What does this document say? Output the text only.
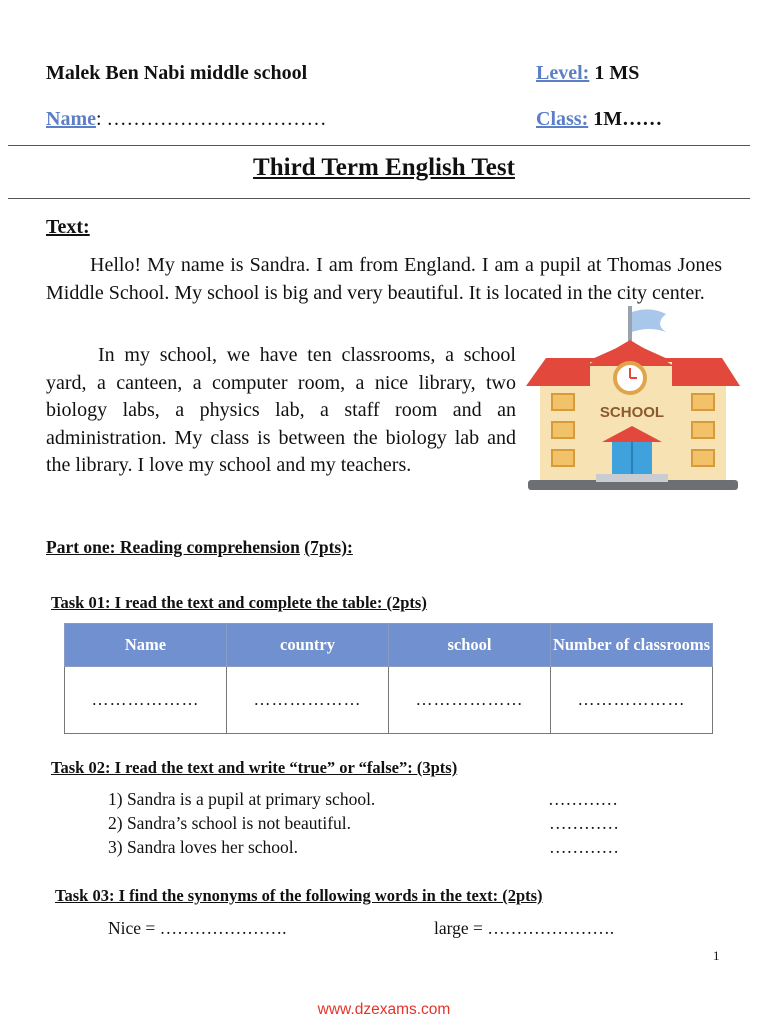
Malek Ben Nabi middle school	Level: 1 MS
Name: ……………………………	Class: 1M……
Third Term English Test
Text:

Hello! My name is Sandra. I am from England. I am a pupil at Thomas Jones Middle School. My school is big and very beautiful. It is located in the city center.

In my school, we have ten classrooms, a school yard, a canteen, a computer room, a nice library, two biology labs, a physics lab, a staff room and an administration. My class is between the biology lab and the library. I love my school and my teachers.

SCHOOL
Part one: Reading comprehension (7pts):
Task 01: I read the text and complete the table: (2pts)
Name	country	school	Number of classrooms
………………	………………	………………	………………
Task 02: I read the text and write “true” or “false”: (3pts)
1) Sandra is a pupil at primary school.	…………
2) Sandra’s school is not beautiful.	…………
3) Sandra loves her school.	…………
Task 03: I find the synonyms of the following words in the text: (2pts)
Nice = ………………….	large = ………………….
1
www.dzexams.com
